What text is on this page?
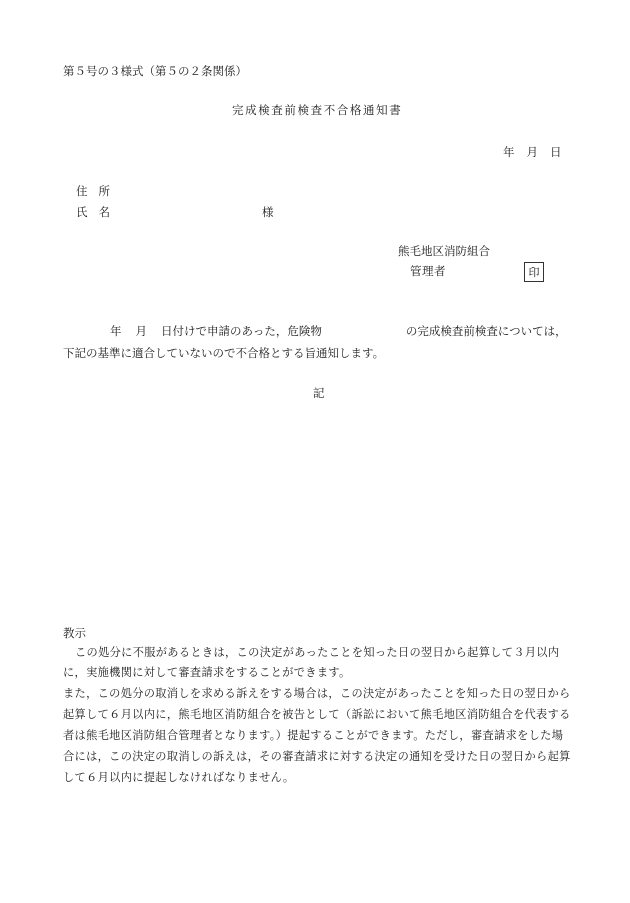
第５号の３様式（第５の２条関係）
完成検査前検査不合格通知書
年 月 日
住 所
氏 名	様
熊毛地区消防組合
管理者	印
年 月 日付けで申請のあった，危険物	の完成検査前検査については，
下記の基準に適合していないので不合格とする旨通知します。
記
教示
この処分に不服があるときは，この決定があったことを知った日の翌日から起算して３月以内
に，実施機関に対して審査請求をすることができます。
また，この処分の取消しを求める訴えをする場合は，この決定があったことを知った日の翌日から
起算して６月以内に，熊毛地区消防組合を被告として（訴訟において熊毛地区消防組合を代表する
者は熊毛地区消防組合管理者となります。）提起することができます。ただし，審査請求をした場
合には，この決定の取消しの訴えは，その審査請求に対する決定の通知を受けた日の翌日から起算
して６月以内に提起しなければなりません。
